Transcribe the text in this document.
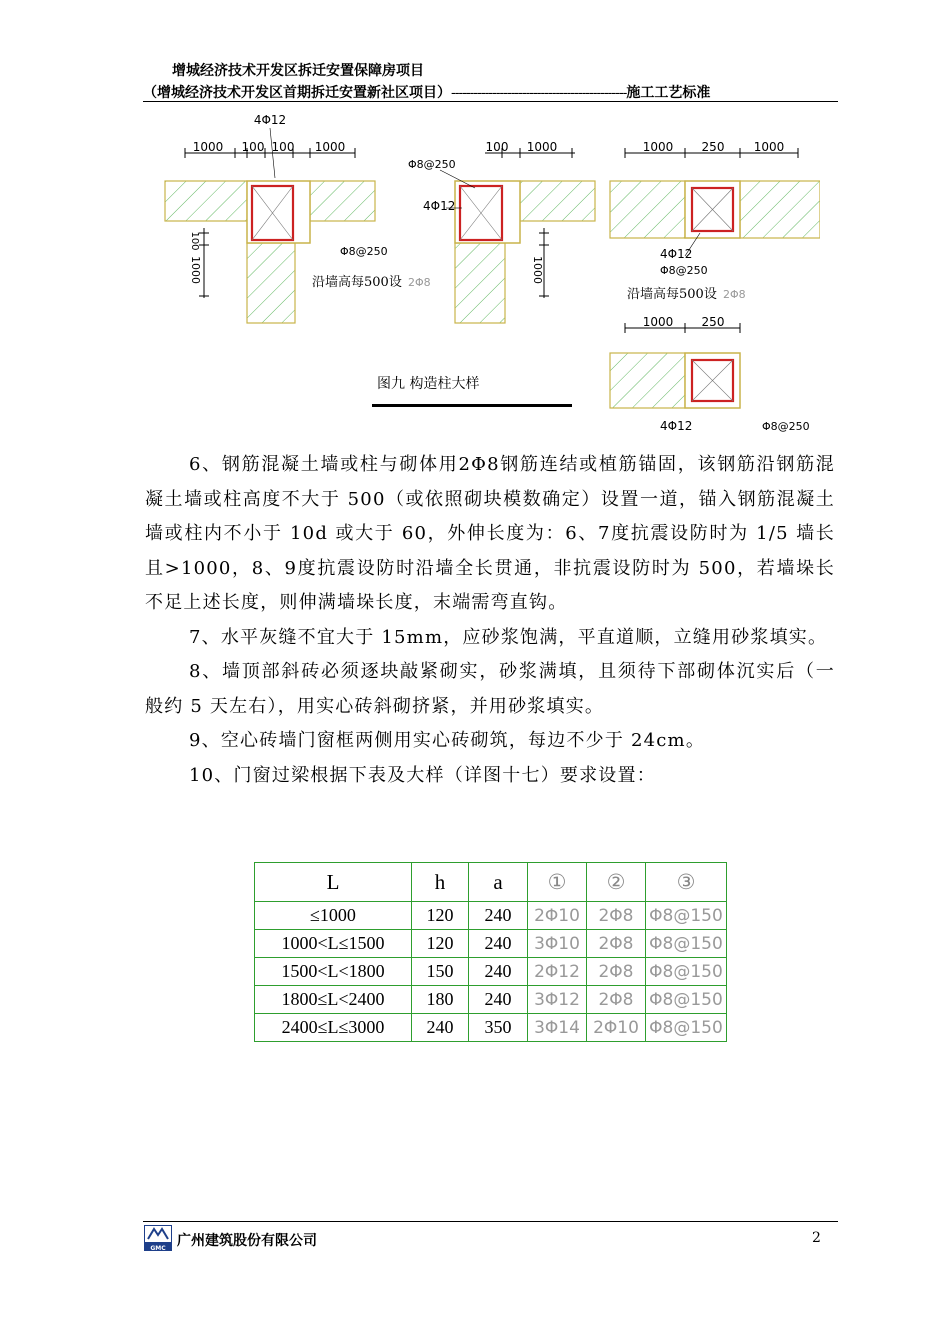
增城经济技术开发区拆迁安置保障房项目
（增城经济技术开发区首期拆迁安置新社区项目）-----------------------------------------------施工工艺标准
1000 100 100 1000
4Φ12
1000
100
Φ8@250
沿墙高每500设 2Φ8
100 1000
Φ8@250
4Φ12
1000
1000 250 1000
4Φ12
Φ8@250
沿墙高每500设 2Φ8
1000 250
4Φ12	Φ8@250
图九 构造柱大样

6、钢筋混凝土墙或柱与砌体用2Φ8钢筋连结或植筋锚固，该钢筋沿钢筋混凝土墙或柱高度不大于 500（或依照砌块模数确定）设置一道，锚入钢筋混凝土墙或柱内不小于 10d 或大于 60，外伸长度为：6、7度抗震设防时为 1/5 墙长且>1000，8、9度抗震设防时沿墙全长贯通，非抗震设防时为 500，若墙垛长不足上述长度，则伸满墙垛长度，末端需弯直钩。

7、水平灰缝不宜大于 15mm，应砂浆饱满，平直道顺，立缝用砂浆填实。

8、墙顶部斜砖必须逐块敲紧砌实，砂浆满填，且须待下部砌体沉实后（一般约 5 天左右），用实心砖斜砌挤紧，并用砂浆填实。

9、空心砖墙门窗框两侧用实心砖砌筑，每边不少于 24cm。

10、门窗过梁根据下表及大样（详图十七）要求设置：

L	h	a	①	②	③
≤1000	120	240	2Φ10	2Φ8	Φ8@150
1000<L≤1500	120	240	3Φ10	2Φ8	Φ8@150
1500<L<1800	150	240	2Φ12	2Φ8	Φ8@150
1800≤L<2400	180	240	3Φ12	2Φ8	Φ8@150
2400≤L≤3000	240	350	3Φ14	2Φ10	Φ8@150
GMC 广州建筑股份有限公司	2
